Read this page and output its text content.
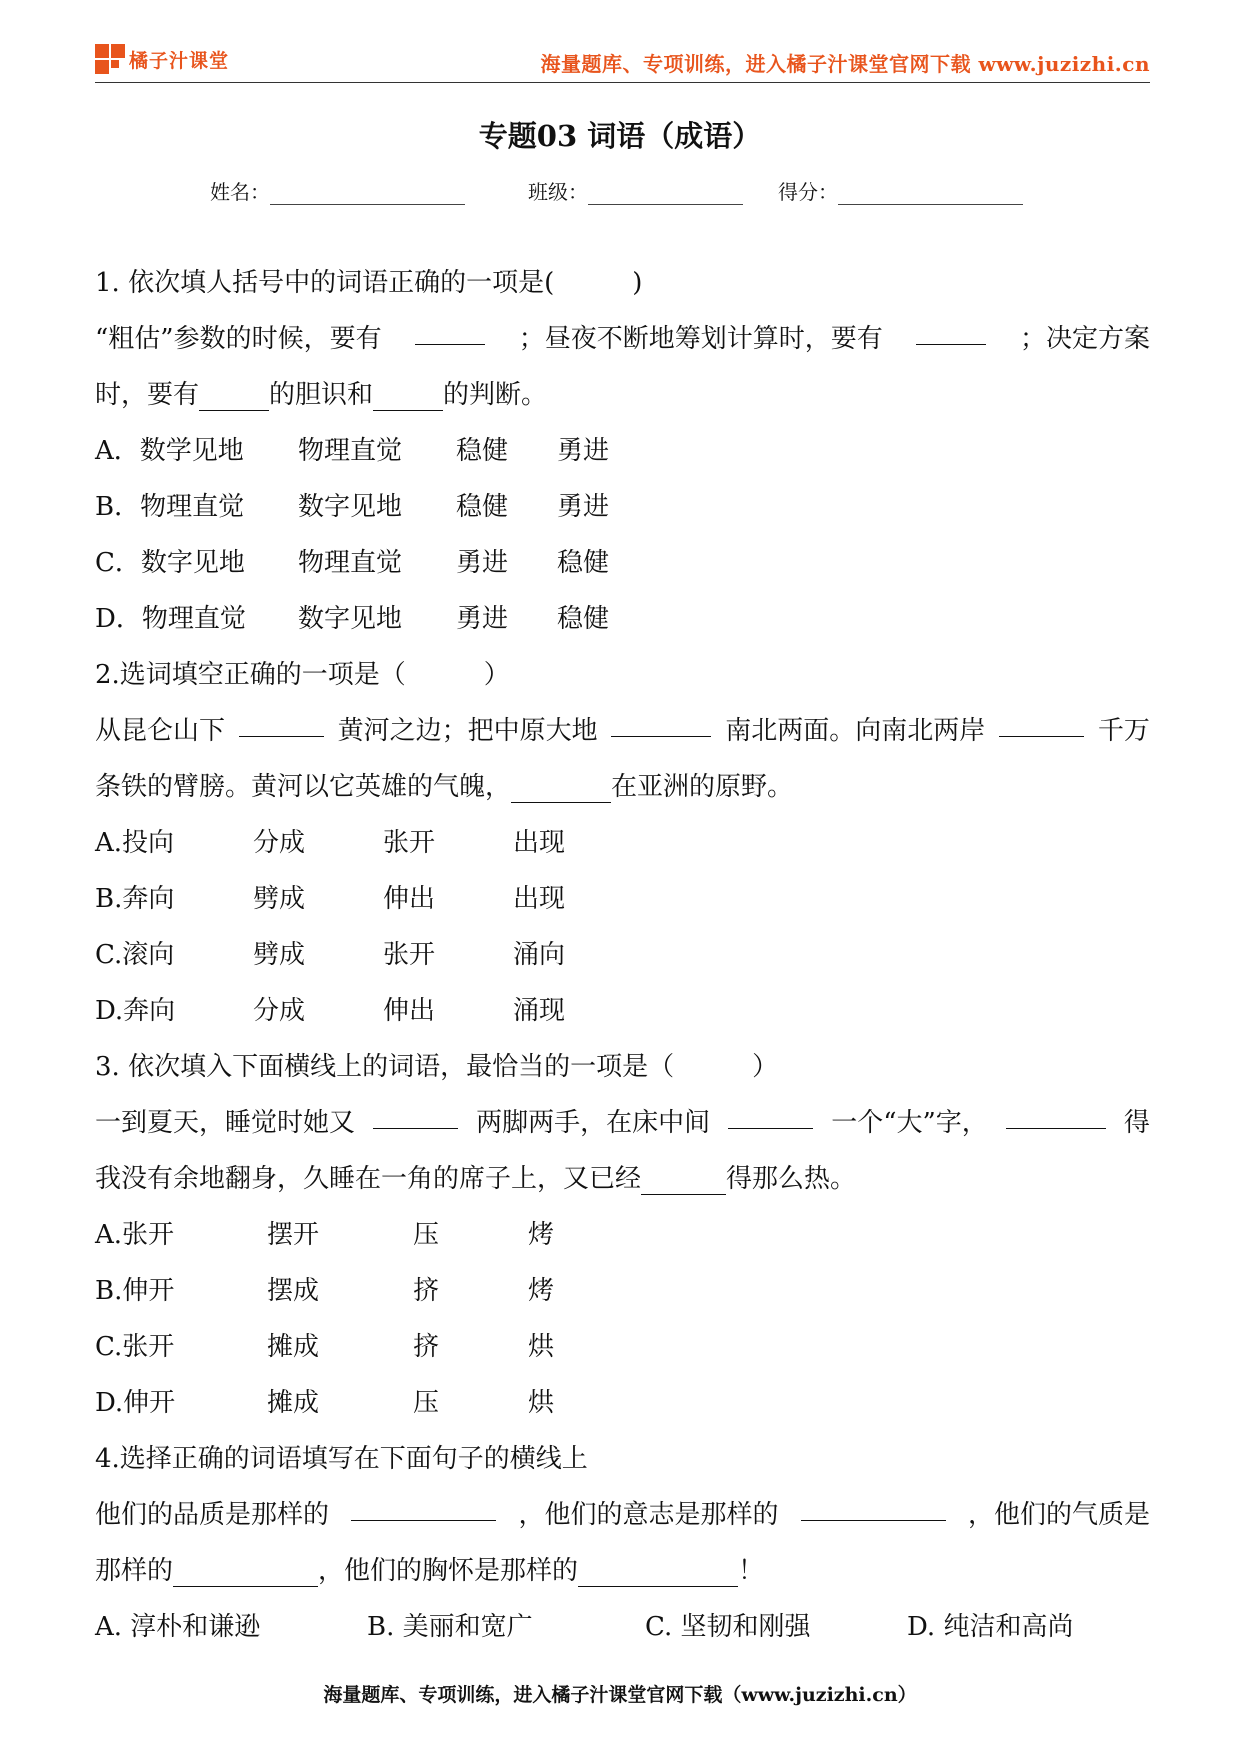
橘子汁课堂	海量题库、专项训练，进入橘子汁课堂官网下载 www.juzizhi.cn
专题03 词语（成语）
姓名：	班级：	得分：
1. 依次填人括号中的词语正确的一项是(　　　)
“粗估”参数的时候，要有	；昼夜不断地筹划计算时，要有	；决定方案
时，要有	的胆识和	的判断。
A．数学见地 物理直觉 稳健 勇进
B．物理直觉 数字见地 稳健 勇进
C．数字见地 物理直觉 勇进 稳健
D．物理直觉 数字见地 勇进 稳健
2.选词填空正确的一项是（　　　）
从昆仑山下	黄河之边；把中原大地	南北两面。向南北两岸	千万
条铁的臂膀。黄河以它英雄的气魄，	在亚洲的原野。
A.投向	分成	张开	出现
B.奔向	劈成	伸出	出现
C.滚向	劈成	张开	涌向
D.奔向	分成	伸出	涌现
3. 依次填入下面横线上的词语，最恰当的一项是（　　　）
一到夏天，睡觉时她又	两脚两手，在床中间	一个“大”字，	得
我没有余地翻身，久睡在一角的席子上，又已经	得那么热。
A.张开	摆开	压	烤
B.伸开	摆成	挤	烤
C.张开	摊成	挤	烘
D.伸开	摊成	压	烘
4.选择正确的词语填写在下面句子的横线上
他们的品质是那样的	，他们的意志是那样的	，他们的气质是
那样的	，他们的胸怀是那样的	！
A. 淳朴和谦逊	B. 美丽和宽广	C. 坚韧和刚强	D. 纯洁和高尚
海量题库、专项训练，进入橘子汁课堂官网下载（www.juzizhi.cn）
